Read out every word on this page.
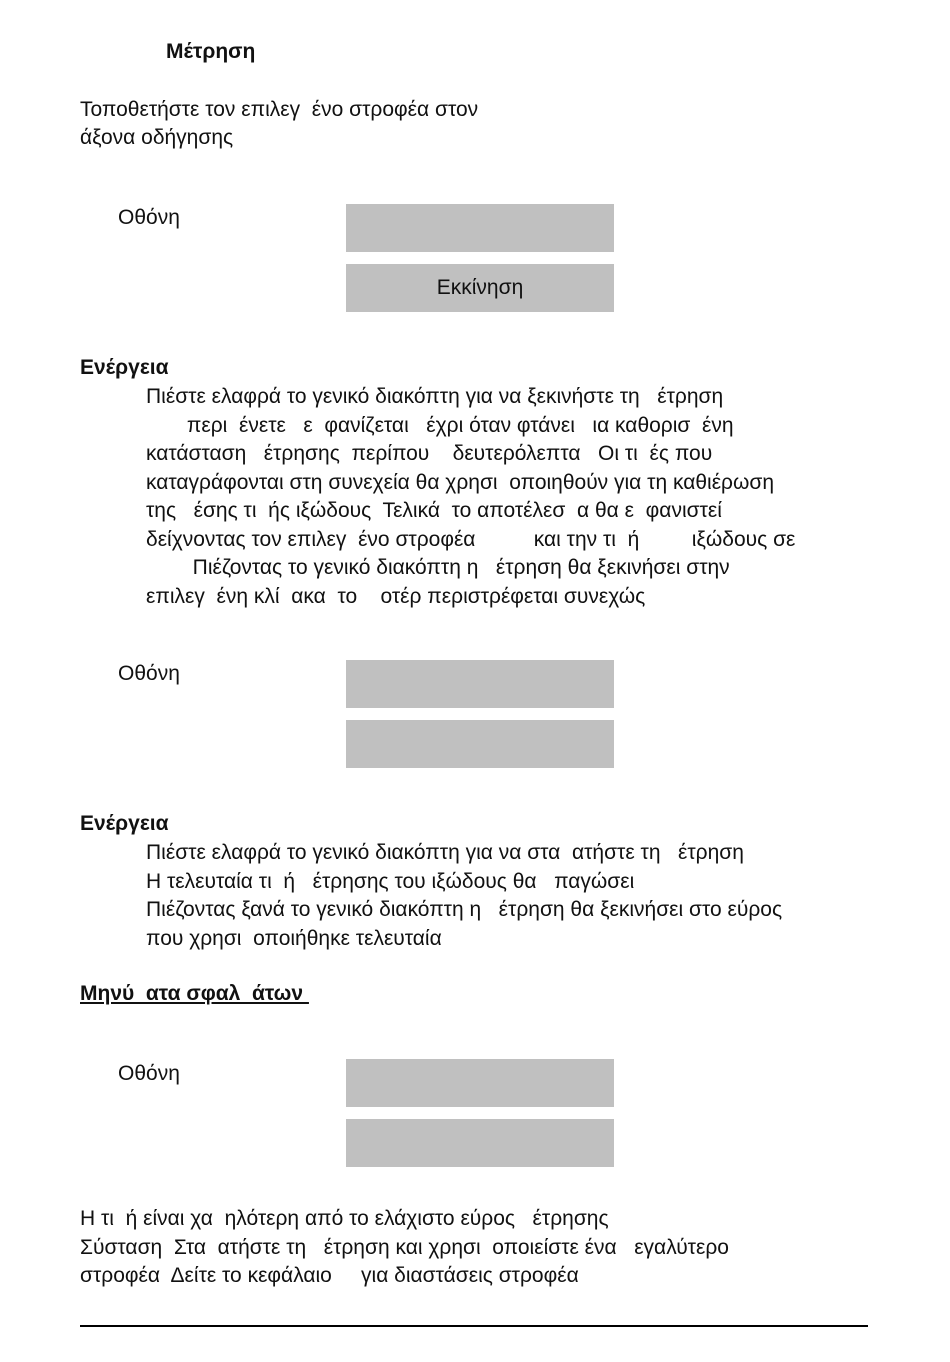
Μέτρηση
Τοποθετήστε τον επιλεγ  ένο στροφέα στον
άξονα οδήγησης
Οθόνη
Εκκίνηση
Ενέργεια
Πιέστε ελαφρά το γενικό διακόπτη για να ξεκινήστε τη   έτρηση
περι  ένετε   ε  φανίζεται   έχρι όταν φτάνει   ια καθορισ  ένη
κατάσταση   έτρησης  περίπου    δευτερόλεπτα   Οι τι  ές που
καταγράφονται στη συνεχεία θα χρησι  οποιηθούν για τη καθιέρωση
της   έσης τι  ής ιξώδους  Τελικά  το αποτέλεσ  α θα ε  φανιστεί
δείχνοντας τον επιλεγ  ένο στροφέα          και την τι  ή         ιξώδους σε
Πιέζοντας το γενικό διακόπτη η   έτρηση θα ξεκινήσει στην
επιλεγ  ένη κλί  ακα  το    οτέρ περιστρέφεται συνεχώς
Οθόνη
Ενέργεια
Πιέστε ελαφρά το γενικό διακόπτη για να στα  ατήστε τη   έτρηση
Η τελευταία τι  ή   έτρησης του ιξώδους θα   παγώσει
Πιέζοντας ξανά το γενικό διακόπτη η   έτρηση θα ξεκινήσει στο εύρος
που χρησι  οποιήθηκε τελευταία
Μηνύ  ατα σφαλ  άτων
Οθόνη
Η τι  ή είναι χα  ηλότερη από το ελάχιστο εύρος   έτρησης
Σύσταση  Στα  ατήστε τη   έτρηση και χρησι  οποιείστε ένα   εγαλύτερο
στροφέα  Δείτε το κεφάλαιο     για διαστάσεις στροφέα
